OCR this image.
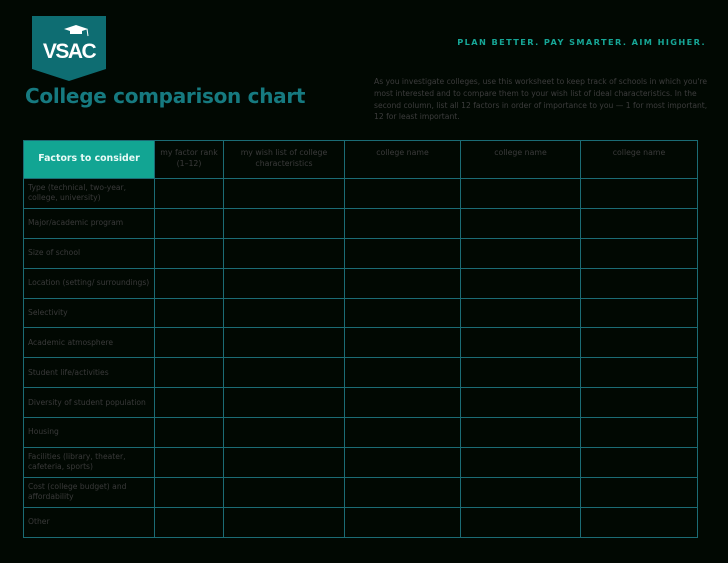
VSAC
College comparison chart
PLAN BETTER. PAY SMARTER. AIM HIGHER.
As you investigate colleges, use this worksheet to keep track of schools in which you're most interested and to compare them to your wish list of ideal characteristics. In the second column, list all 12 factors in order of importance to you — 1 for most important, 12 for least important.
Factors to consider	my factor rank (1–12)	my wish list of college characteristics	college name	college name	college name
Type (technical, two-year, college, university)					
Major/academic program					
Size of school					
Location (setting/ surroundings)					
Selectivity					
Academic atmosphere					
Student life/activities					
Diversity of student population					
Housing					
Facilities (library, theater, cafeteria, sports)					
Cost (college budget) and affordability					
Other					
